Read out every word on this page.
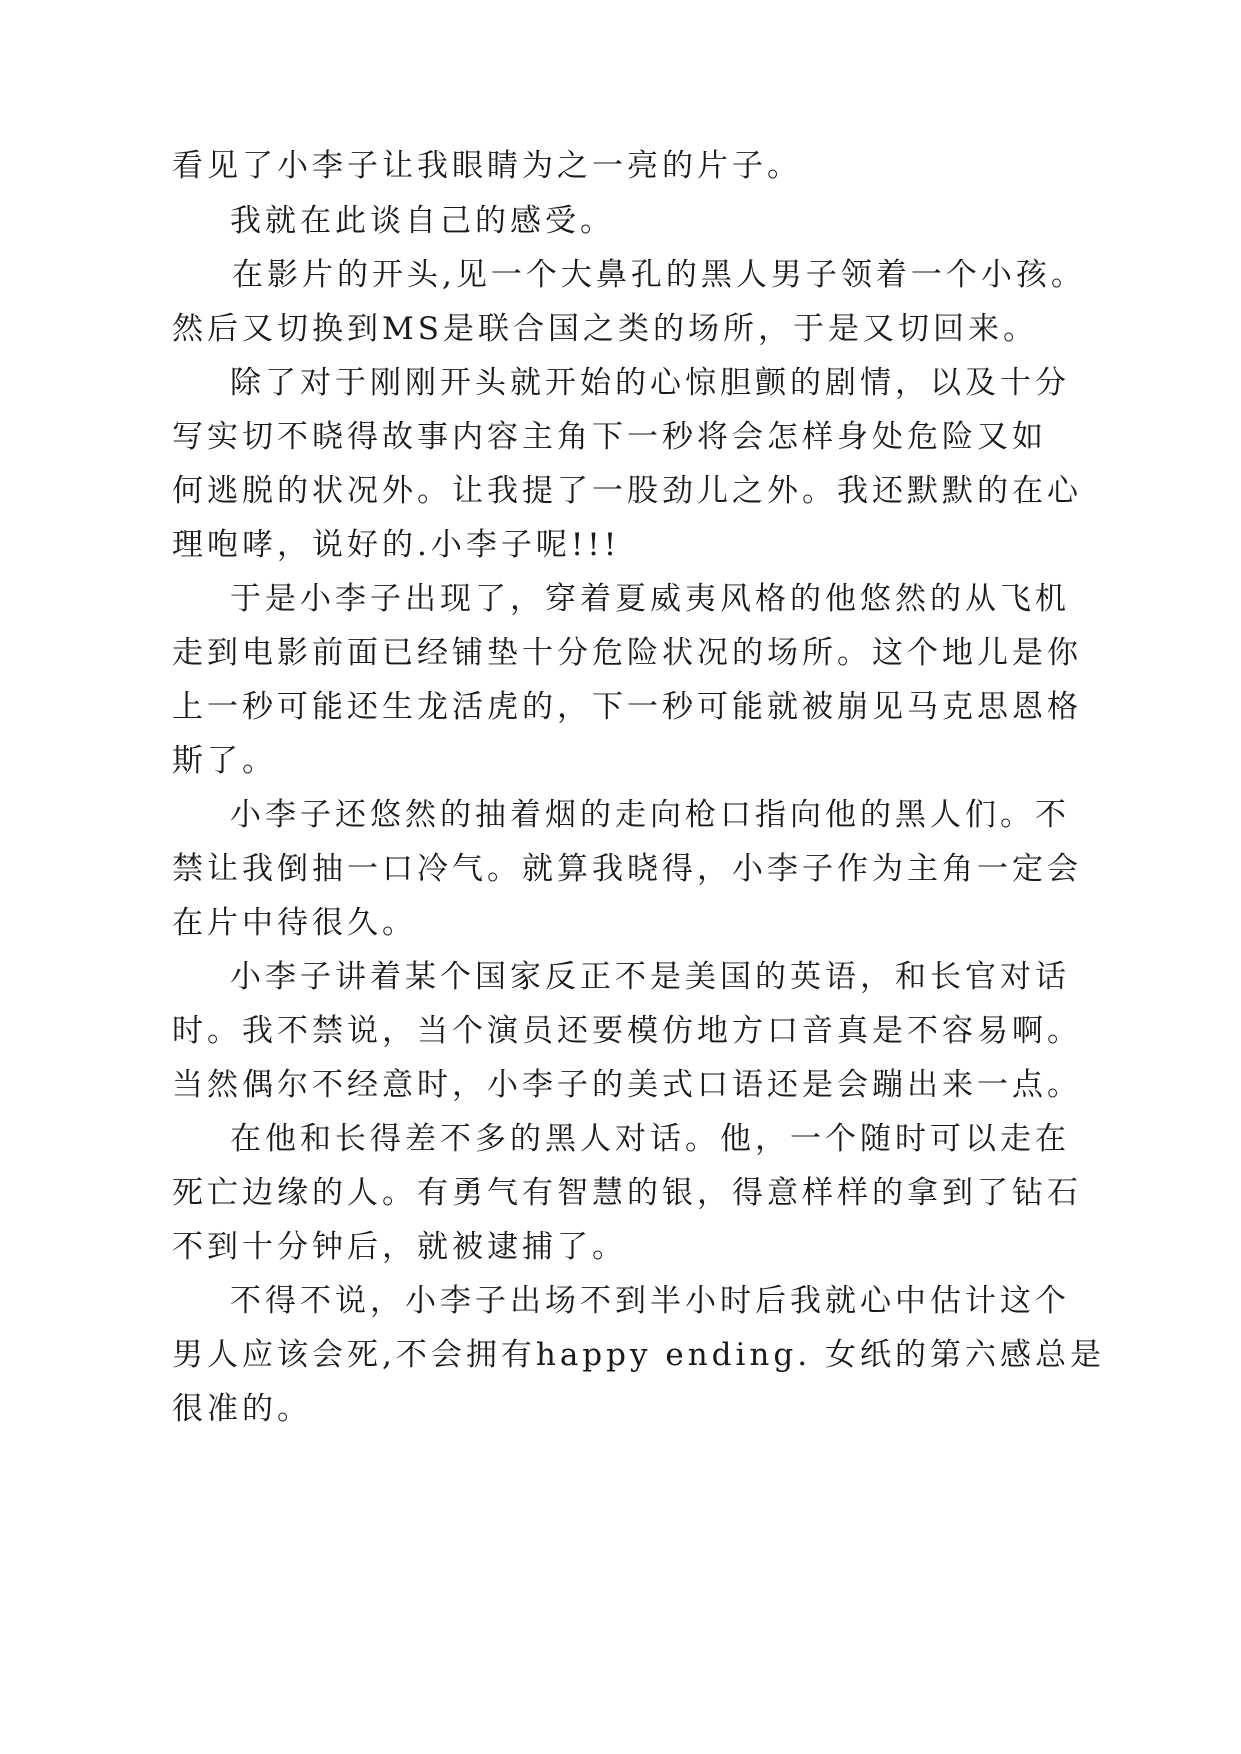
看见了小李子让我眼睛为之一亮的片子。
我就在此谈自己的感受。
在影片的开头,见一个大鼻孔的黑人男子领着一个小孩。
然后又切换到MS是联合国之类的场所，于是又切回来。
除了对于刚刚开头就开始的心惊胆颤的剧情，以及十分
写实切不晓得故事内容主角下一秒将会怎样身处危险又如
何逃脱的状况外。让我提了一股劲儿之外。我还默默的在心
理咆哮，说好的.小李子呢!!!
于是小李子出现了，穿着夏威夷风格的他悠然的从飞机
走到电影前面已经铺垫十分危险状况的场所。这个地儿是你
上一秒可能还生龙活虎的，下一秒可能就被崩见马克思恩格
斯了。
小李子还悠然的抽着烟的走向枪口指向他的黑人们。不
禁让我倒抽一口冷气。就算我晓得，小李子作为主角一定会
在片中待很久。
小李子讲着某个国家反正不是美国的英语，和长官对话
时。我不禁说，当个演员还要模仿地方口音真是不容易啊。
当然偶尔不经意时，小李子的美式口语还是会蹦出来一点。
在他和长得差不多的黑人对话。他，一个随时可以走在
死亡边缘的人。有勇气有智慧的银，得意样样的拿到了钻石
不到十分钟后，就被逮捕了。
不得不说，小李子出场不到半小时后我就心中估计这个
男人应该会死,不会拥有happy ending. 女纸的第六感总是
很准的。
